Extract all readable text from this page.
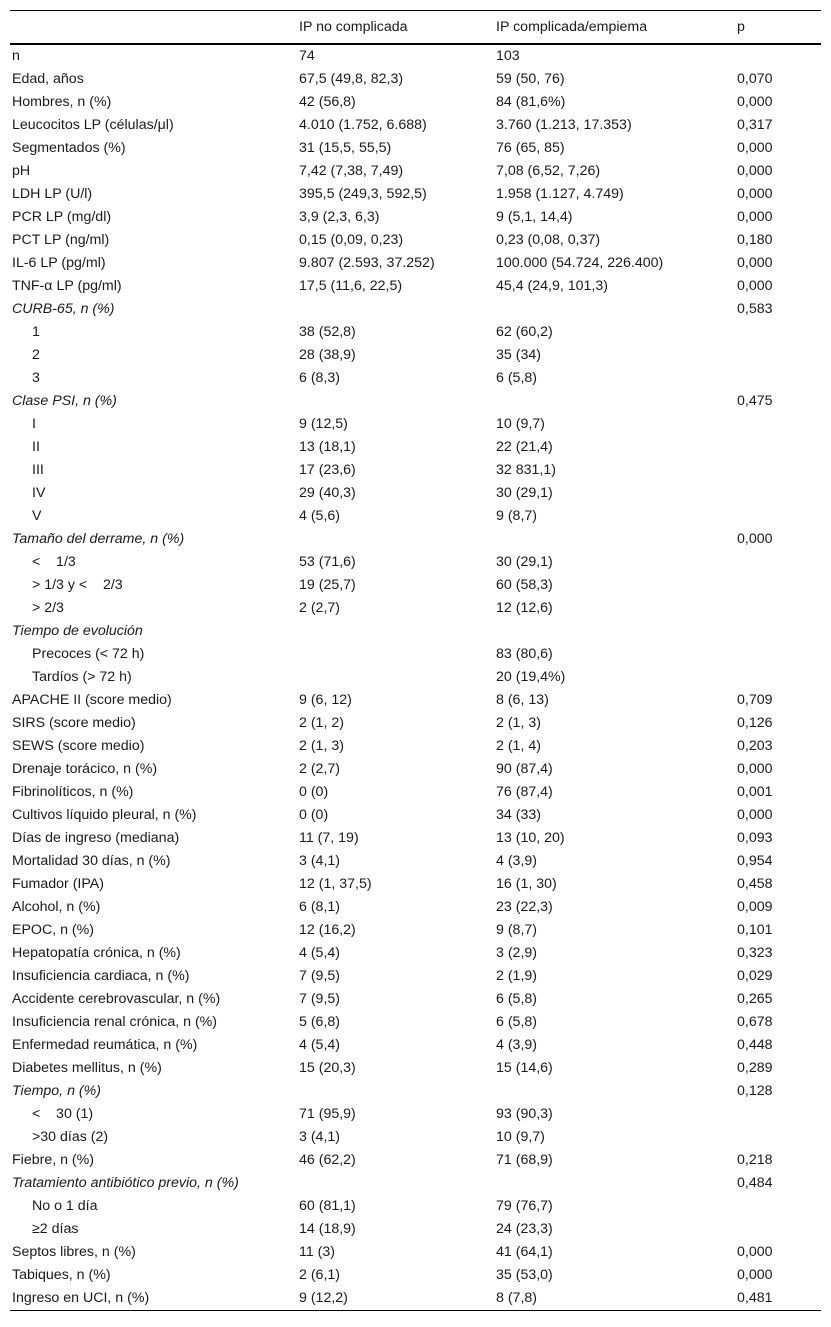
	IP no complicada	IP complicada/empiema	p
n	74	103	
Edad, años	67,5 (49,8, 82,3)	59 (50, 76)	0,070
Hombres, n (%)	42 (56,8)	84 (81,6%)	0,000
Leucocitos LP (células/μl)	4.010 (1.752, 6.688)	3.760 (1.213, 17.353)	0,317
Segmentados (%)	31 (15,5, 55,5)	76 (65, 85)	0,000
pH	7,42 (7,38, 7,49)	7,08 (6,52, 7,26)	0,000
LDH LP (U/l)	395,5 (249,3, 592,5)	1.958 (1.127, 4.749)	0,000
PCR LP (mg/dl)	3,9 (2,3, 6,3)	9 (5,1, 14,4)	0,000
PCT LP (ng/ml)	0,15 (0,09, 0,23)	0,23 (0,08, 0,37)	0,180
IL-6 LP (pg/ml)	9.807 (2.593, 37.252)	100.000 (54.724, 226.400)	0,000
TNF-α LP (pg/ml)	17,5 (11,6, 22,5)	45,4 (24,9, 101,3)	0,000
CURB-65, n (%)			0,583
1	38 (52,8)	62 (60,2)	
2	28 (38,9)	35 (34)	
3	6 (8,3)	6 (5,8)	
Clase PSI, n (%)			0,475
I	9 (12,5)	10 (9,7)	
II	13 (18,1)	22 (21,4)	
III	17 (23,6)	32 831,1)	
IV	29 (40,3)	30 (29,1)	
V	4 (5,6)	9 (8,7)	
Tamaño del derrame, n (%)			0,000
<    1/3	53 (71,6)	30 (29,1)	
> 1/3 y <    2/3	19 (25,7)	60 (58,3)	
> 2/3	2 (2,7)	12 (12,6)	
Tiempo de evolución			
Precoces (< 72 h)		83 (80,6)	
Tardíos (> 72 h)		20 (19,4%)	
APACHE II (score medio)	9 (6, 12)	8 (6, 13)	0,709
SIRS (score medio)	2 (1, 2)	2 (1, 3)	0,126
SEWS (score medio)	2 (1, 3)	2 (1, 4)	0,203
Drenaje torácico, n (%)	2 (2,7)	90 (87,4)	0,000
Fibrinolíticos, n (%)	0 (0)	76 (87,4)	0,001
Cultivos líquido pleural, n (%)	0 (0)	34 (33)	0,000
Días de ingreso (mediana)	11 (7, 19)	13 (10, 20)	0,093
Mortalidad 30 días, n (%)	3 (4,1)	4 (3,9)	0,954
Fumador (IPA)	12 (1, 37,5)	16 (1, 30)	0,458
Alcohol, n (%)	6 (8,1)	23 (22,3)	0,009
EPOC, n (%)	12 (16,2)	9 (8,7)	0,101
Hepatopatía crónica, n (%)	4 (5,4)	3 (2,9)	0,323
Insuficiencia cardiaca, n (%)	7 (9,5)	2 (1,9)	0,029
Accidente cerebrovascular, n (%)	7 (9,5)	6 (5,8)	0,265
Insuficiencia renal crónica, n (%)	5 (6,8)	6 (5,8)	0,678
Enfermedad reumática, n (%)	4 (5,4)	4 (3,9)	0,448
Diabetes mellitus, n (%)	15 (20,3)	15 (14,6)	0,289
Tiempo, n (%)			0,128
<    30 (1)	71 (95,9)	93 (90,3)	
>30 días (2)	3 (4,1)	10 (9,7)	
Fiebre, n (%)	46 (62,2)	71 (68,9)	0,218
Tratamiento antibiótico previo, n (%)			0,484
No o 1 día	60 (81,1)	79 (76,7)	
≥2 días	14 (18,9)	24 (23,3)	
Septos libres, n (%)	11 (3)	41 (64,1)	0,000
Tabiques, n (%)	2 (6,1)	35 (53,0)	0,000
Ingreso en UCI, n (%)	9 (12,2)	8 (7,8)	0,481
